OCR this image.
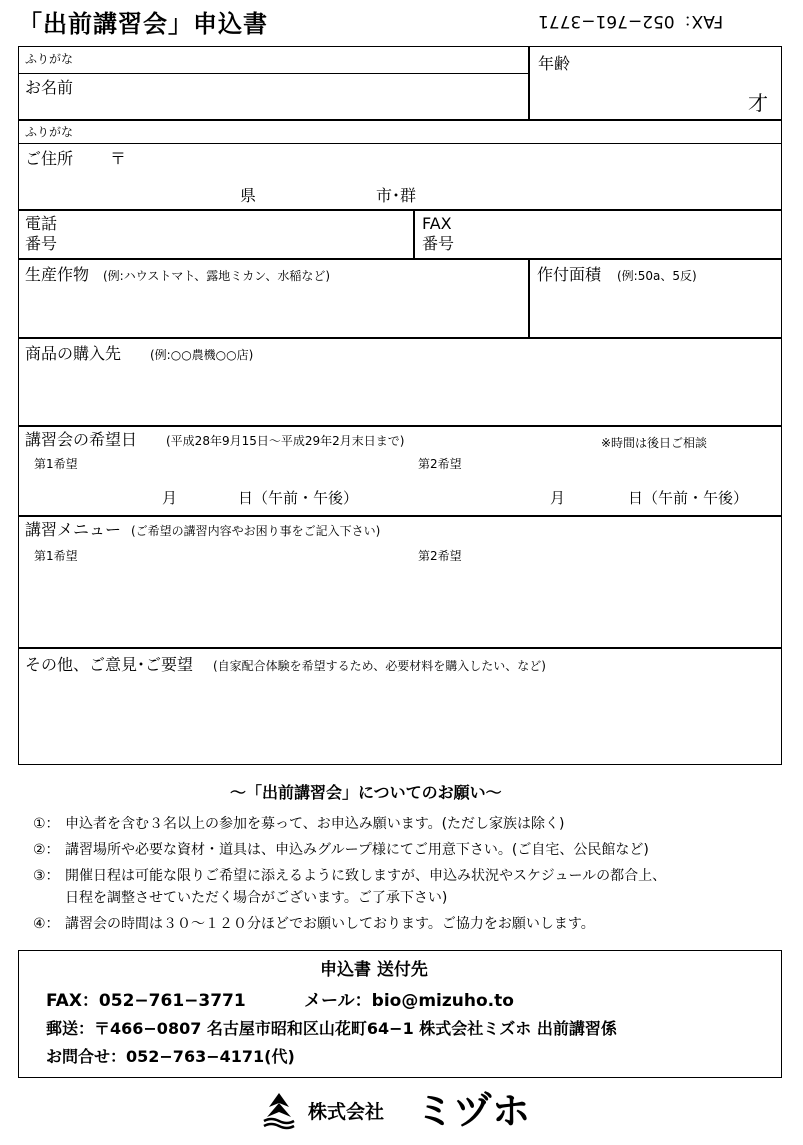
「出前講習会」申込書	FAX：052−761−3771
ふりがな
お名前
年齢
才
ふりがな
ご住所 〒
県	市･群
電話
番号
FAX
番号
生産作物 (例:ハウストマト、露地ミカン、水稲など)	作付面積 (例:50a、5反)
商品の購入先 (例:○○農機○○店)
講習会の希望日 (平成28年9月15日〜平成29年2月末日まで)	※時間は後日ご相談
第1希望	第2希望
月	日（午前・午後）	月	日（午前・午後）
講習メニュー (ご希望の講習内容やお困り事をご記入下さい)
第1希望	第2希望
その他、ご意見･ご要望 (自家配合体験を希望するため、必要材料を購入したい、など)
〜「出前講習会」についてのお願い〜
①： 申込者を含む３名以上の参加を募って、お申込み願います。(ただし家族は除く)
②： 講習場所や必要な資材・道具は、申込みグループ様にてご用意下さい。(ご自宅、公民館など)
③： 開催日程は可能な限りご希望に添えるように致しますが、申込み状況やスケジュールの都合上、
日程を調整させていただく場合がございます。ご了承下さい)
④： 講習会の時間は３０〜１２０分ほどでお願いしております。ご協力をお願いします。
申込書 送付先
FAX：052−761−3771	メール：bio@mizuho.to
郵送：〒466−0807 名古屋市昭和区山花町64−1 株式会社ミズホ 出前講習係
お問合せ：052−763−4171(代)
株式会社 ミヅホ
